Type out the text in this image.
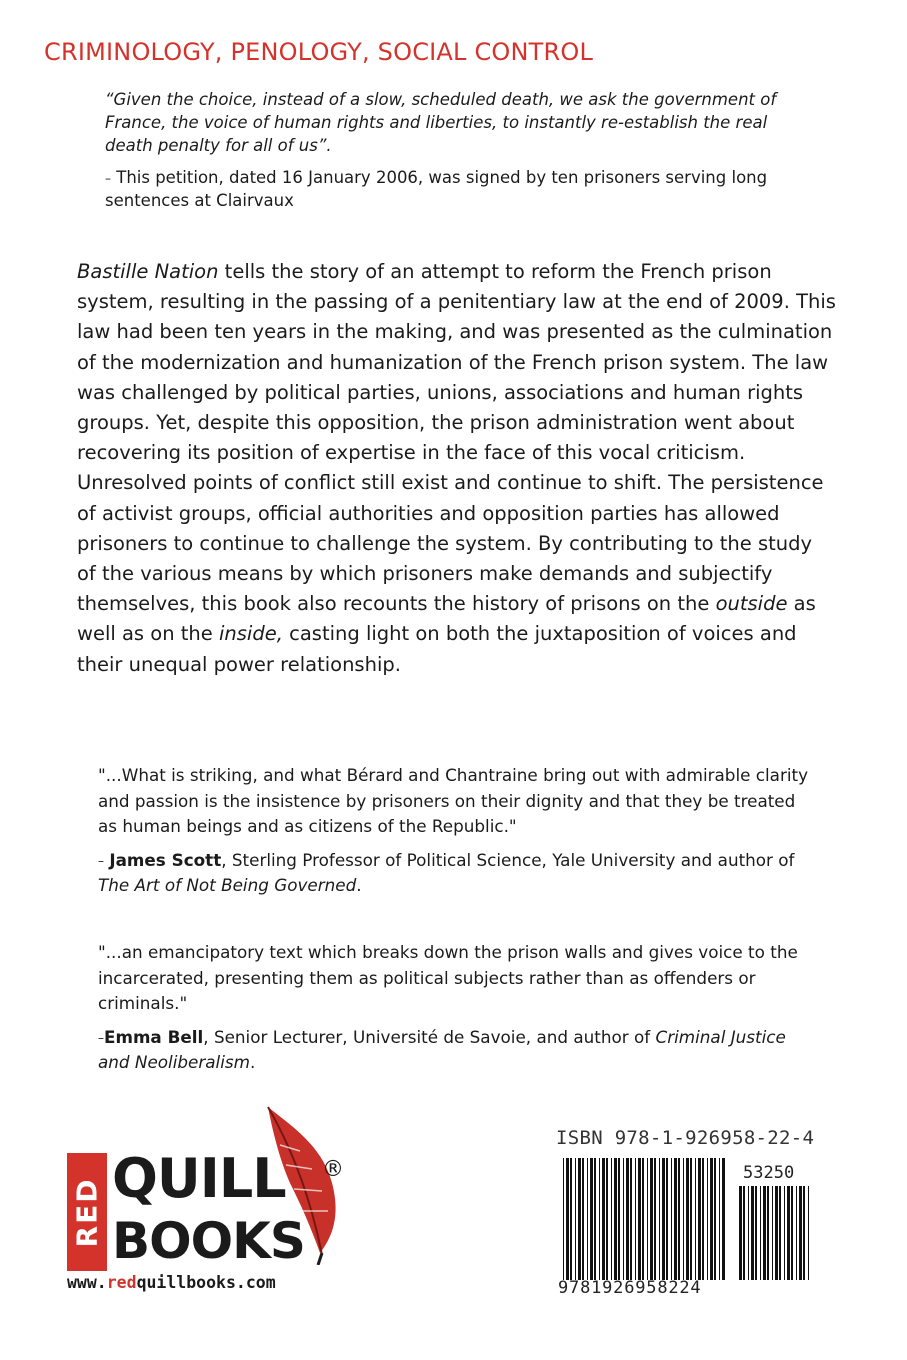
CRIMINOLOGY, PENOLOGY, SOCIAL CONTROL
“Given the choice, instead of a slow, scheduled death, we ask the government of France, the voice of human rights and liberties, to instantly re-establish the real death penalty for all of us”.
– This petition, dated 16 January 2006, was signed by ten prisoners serving long sentences at Clairvaux
Bastille Nation tells the story of an attempt to reform the French prison system, resulting in the passing of a penitentiary law at the end of 2009. This law had been ten years in the making, and was presented as the culmination of the modernization and humanization of the French prison system. The law was challenged by political parties, unions, associations and human rights groups. Yet, despite this opposition, the prison administration went about recovering its position of expertise in the face of this vocal criticism. Unresolved points of conflict still exist and continue to shift. The persistence of activist groups, official authorities and opposition parties has allowed prisoners to continue to challenge the system. By contributing to the study of the various means by which prisoners make demands and subjectify themselves, this book also recounts the history of prisons on the outside as well as on the inside, casting light on both the juxtaposition of voices and their unequal power relationship.
"...What is striking, and what Bérard and Chantraine bring out with admirable clarity and passion is the insistence by prisoners on their dignity and that they be treated as human beings and as citizens of the Republic."
– James Scott, Sterling Professor of Political Science, Yale University and author of The Art of Not Being Governed.
"...an emancipatory text which breaks down the prison walls and gives voice to the incarcerated, presenting them as political subjects rather than as offenders or criminals."
–Emma Bell, Senior Lecturer, Université de Savoie, and author of Criminal Justice and Neoliberalism.
RED QUILL
BOOKS
®
www.redquillbooks.com
ISBN 978-1-926958-22-4
53250
9781926958224
